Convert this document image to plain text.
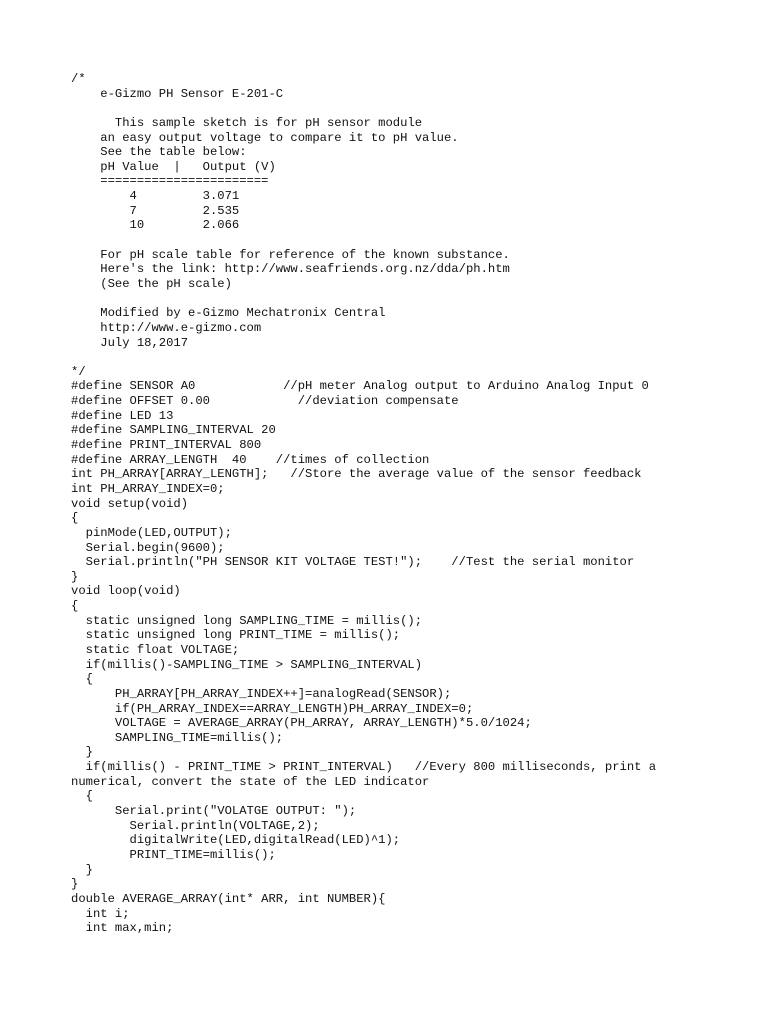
/*
e-Gizmo PH Sensor E-201-C
This sample sketch is for pH sensor module
an easy output voltage to compare it to pH value.
See the table below:
pH Value  |   Output (V)
=======================
4         3.071
7         2.535
10        2.066
For pH scale table for reference of the known substance.
Here's the link: http://www.seafriends.org.nz/dda/ph.htm
(See the pH scale)
Modified by e-Gizmo Mechatronix Central
http://www.e-gizmo.com
July 18,2017
*/
#define SENSOR A0            //pH meter Analog output to Arduino Analog Input 0
#define OFFSET 0.00            //deviation compensate
#define LED 13
#define SAMPLING_INTERVAL 20
#define PRINT_INTERVAL 800
#define ARRAY_LENGTH  40    //times of collection
int PH_ARRAY[ARRAY_LENGTH];   //Store the average value of the sensor feedback
int PH_ARRAY_INDEX=0;
void setup(void)
{
pinMode(LED,OUTPUT);
Serial.begin(9600);
Serial.println("PH SENSOR KIT VOLTAGE TEST!");    //Test the serial monitor
}
void loop(void)
{
static unsigned long SAMPLING_TIME = millis();
static unsigned long PRINT_TIME = millis();
static float VOLTAGE;
if(millis()-SAMPLING_TIME > SAMPLING_INTERVAL)
{
PH_ARRAY[PH_ARRAY_INDEX++]=analogRead(SENSOR);
if(PH_ARRAY_INDEX==ARRAY_LENGTH)PH_ARRAY_INDEX=0;
VOLTAGE = AVERAGE_ARRAY(PH_ARRAY, ARRAY_LENGTH)*5.0/1024;
SAMPLING_TIME=millis();
}
if(millis() - PRINT_TIME > PRINT_INTERVAL)   //Every 800 milliseconds, print a
numerical, convert the state of the LED indicator
{
Serial.print("VOLATGE OUTPUT: ");
Serial.println(VOLTAGE,2);
digitalWrite(LED,digitalRead(LED)^1);
PRINT_TIME=millis();
}
}
double AVERAGE_ARRAY(int* ARR, int NUMBER){
int i;
int max,min;
